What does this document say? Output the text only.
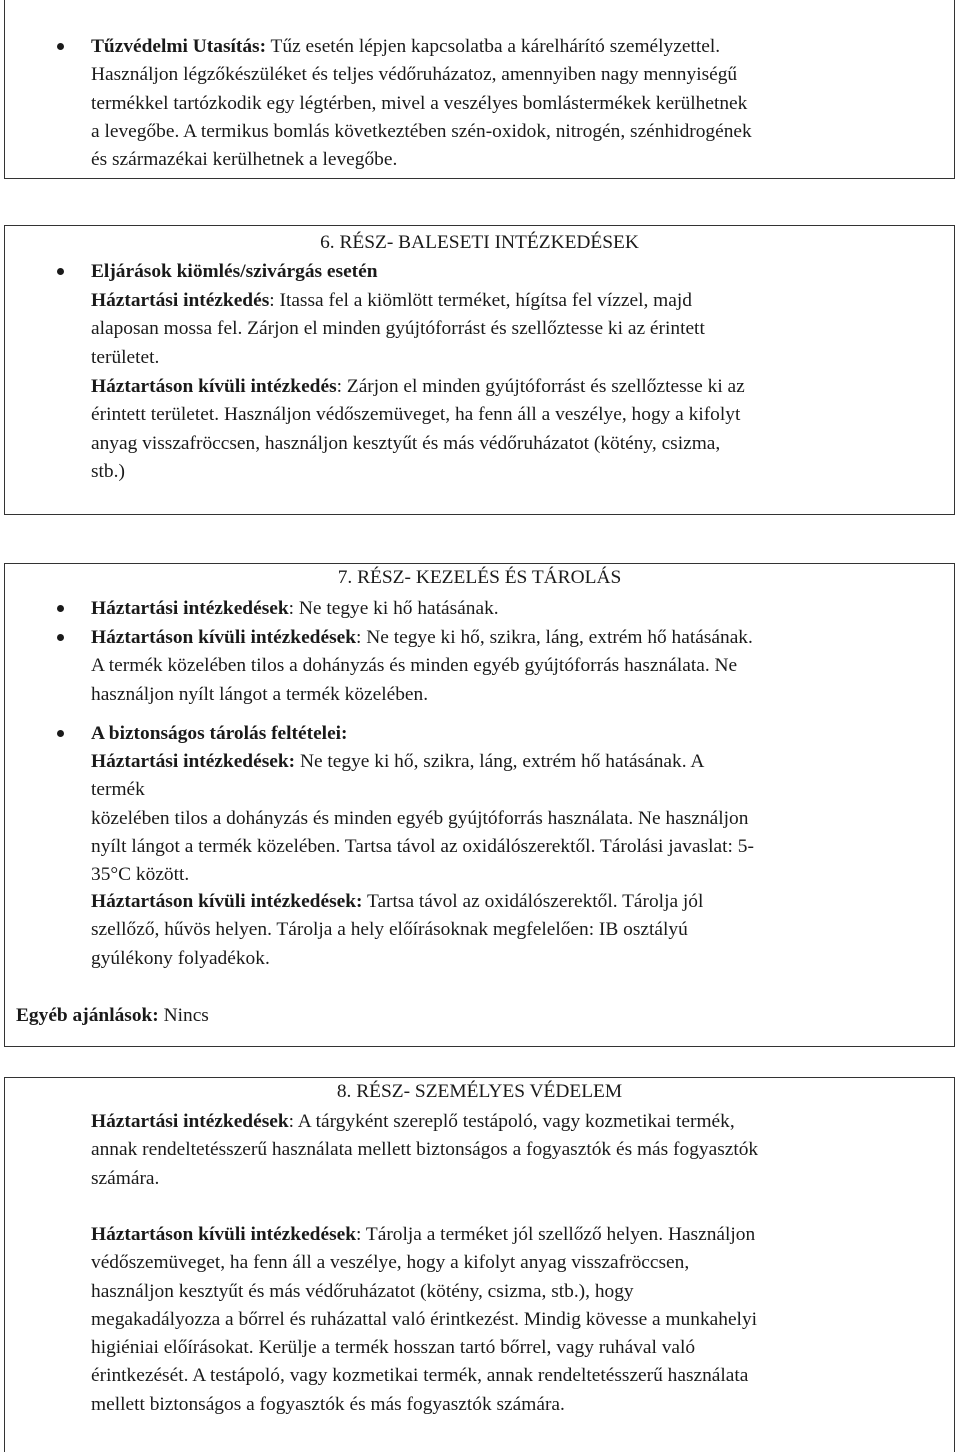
Tűzvédelmi Utasítás: Tűz esetén lépjen kapcsolatba a kárelhárító személyzettel.
Használjon légzőkészüléket és teljes védőruházatoz, amennyiben nagy mennyiségű
termékkel tartózkodik egy légtérben, mivel a veszélyes bomlástermékek kerülhetnek
a levegőbe. A termikus bomlás következtében szén-oxidok, nitrogén, szénhidrogének
és származékai kerülhetnek a levegőbe.
6. RÉSZ- BALESETI INTÉZKEDÉSEK
Eljárások kiömlés/szivárgás esetén
Háztartási intézkedés: Itassa fel a kiömlött terméket, hígítsa fel vízzel, majd
alaposan mossa fel. Zárjon el minden gyújtóforrást és szellőztesse ki az érintett
területet.
Háztartáson kívüli intézkedés: Zárjon el minden gyújtóforrást és szellőztesse ki az
érintett területet. Használjon védőszemüveget, ha fenn áll a veszélye, hogy a kifolyt
anyag visszafröccsen, használjon kesztyűt és más védőruházatot (kötény, csizma,
stb.)
7. RÉSZ- KEZELÉS ÉS TÁROLÁS
Háztartási intézkedések: Ne tegye ki hő hatásának.
Háztartáson kívüli intézkedések: Ne tegye ki hő, szikra, láng, extrém hő hatásának.
A termék közelében tilos a dohányzás és minden egyéb gyújtóforrás használata. Ne
használjon nyílt lángot a termék közelében.
A biztonságos tárolás feltételei:
Háztartási intézkedések: Ne tegye ki hő, szikra, láng, extrém hő hatásának. A
termék
közelében tilos a dohányzás és minden egyéb gyújtóforrás használata. Ne használjon
nyílt lángot a termék közelében. Tartsa távol az oxidálószerektől. Tárolási javaslat: 5-
35°C között.
Háztartáson kívüli intézkedések: Tartsa távol az oxidálószerektől. Tárolja jól
szellőző, hűvös helyen. Tárolja a hely előírásoknak megfelelően: IB osztályú
gyúlékony folyadékok.
Egyéb ajánlások: Nincs
8. RÉSZ- SZEMÉLYES VÉDELEM
Háztartási intézkedések: A tárgyként szereplő testápoló, vagy kozmetikai termék,
annak rendeltetésszerű használata mellett biztonságos a fogyasztók és más fogyasztók
számára.
Háztartáson kívüli intézkedések: Tárolja a terméket jól szellőző helyen. Használjon
védőszemüveget, ha fenn áll a veszélye, hogy a kifolyt anyag visszafröccsen,
használjon kesztyűt és más védőruházatot (kötény, csizma, stb.), hogy
megakadályozza a bőrrel és ruházattal való érintkezést. Mindig kövesse a munkahelyi
higiéniai előírásokat. Kerülje a termék hosszan tartó bőrrel, vagy ruhával való
érintkezését. A testápoló, vagy kozmetikai termék, annak rendeltetésszerű használata
mellett biztonságos a fogyasztók és más fogyasztók számára.
